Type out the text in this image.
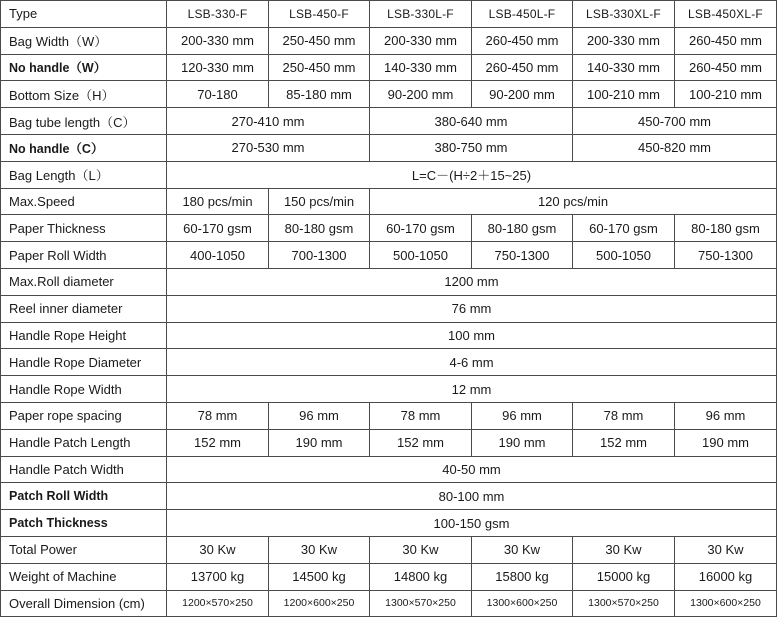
Type	LSB-330-F	LSB-450-F	LSB-330L-F	LSB-450L-F	LSB-330XL-F	LSB-450XL-F
Bag Width（W）	200-330 mm	250-450 mm	200-330 mm	260-450 mm	200-330 mm	260-450 mm
No handle（W）	120-330 mm	250-450 mm	140-330 mm	260-450 mm	140-330 mm	260-450 mm
Bottom Size（H）	70-180	85-180 mm	90-200 mm	90-200 mm	100-210 mm	100-210 mm
Bag tube length（C）	270-410 mm		380-640 mm		450-700 mm	
No handle（C）	270-530 mm		380-750 mm		450-820 mm	
Bag Length（L）	L=C－(H÷2＋15~25)					
Max.Speed	180 pcs/min	150 pcs/min	120 pcs/min			
Paper Thickness	60-170 gsm	80-180 gsm	60-170 gsm	80-180 gsm	60-170 gsm	80-180 gsm
Paper Roll Width	400-1050	700-1300	500-1050	750-1300	500-1050	750-1300
Max.Roll diameter	1200 mm					
Reel inner diameter	76 mm					
Handle Rope Height	100 mm					
Handle Rope Diameter	4-6 mm					
Handle Rope Width	12 mm					
Paper rope spacing	78 mm	96 mm	78 mm	96 mm	78 mm	96 mm
Handle Patch Length	152 mm	190 mm	152 mm	190 mm	152 mm	190 mm
Handle Patch Width	40-50 mm					
Patch Roll Width	80-100 mm					
Patch Thickness	100-150 gsm					
Total Power	30 Kw	30 Kw	30 Kw	30 Kw	30 Kw	30 Kw
Weight of Machine	13700 kg	14500 kg	14800 kg	15800 kg	15000 kg	16000 kg
Overall Dimension (cm)	1200×570×250	1200×600×250	1300×570×250	1300×600×250	1300×570×250	1300×600×250
